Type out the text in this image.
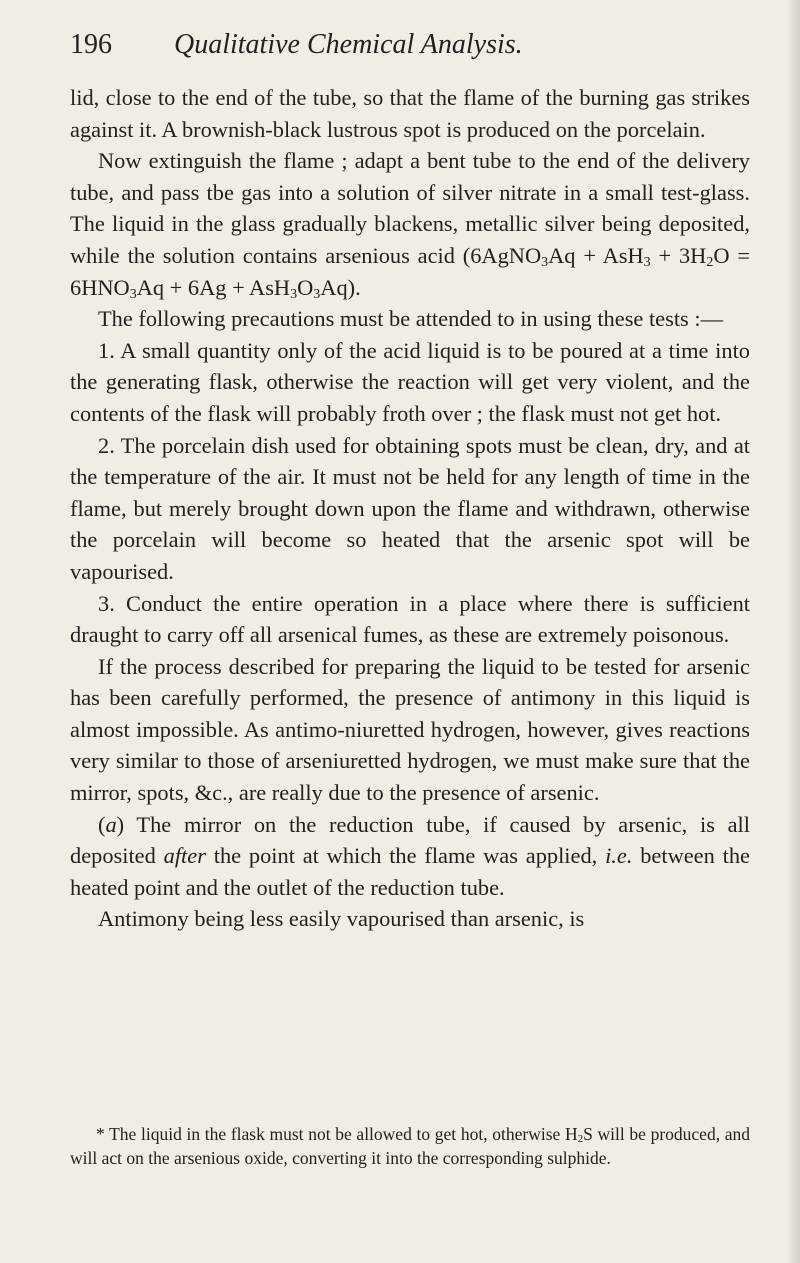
196 Qualitative Chemical Analysis.

lid, close to the end of the tube, so that the flame of the burning gas strikes against it. A brownish-black lustrous spot is produced on the porcelain.

Now extinguish the flame ; adapt a bent tube to the end of the delivery tube, and pass tbe gas into a solution of silver nitrate in a small test-glass. The liquid in the glass gradually blackens, metallic silver being deposited, while the solution contains arsenious acid (6AgNO$_3$Aq + $AsH_3 + 3H_2O = 6HNO_3Aq + 6Ag + AsH_3O_3Aq$).

The following precautions must be attended to in using these tests :—

1. A small quantity only of the acid liquid is to be poured at a time into the generating flask, otherwise the reaction will get very violent, and the contents of the flask will probably froth over ; the flask must not get hot.

2. The porcelain dish used for obtaining spots must be clean, dry, and at the temperature of the air. It must not be held for any length of time in the flame, but merely brought down upon the flame and withdrawn, otherwise the porcelain will become so heated that the arsenic spot will be vapourised.

3. Conduct the entire operation in a place where there is sufficient draught to carry off all arsenical fumes, as these are extremely poisonous.

If the process described for preparing the liquid to be tested for arsenic has been carefully performed, the presence of antimony in this liquid is almost impossible. As antimo-niuretted hydrogen, however, gives reactions very similar to those of arseniuretted hydrogen, we must make sure that the mirror, spots, &c., are really due to the presence of arsenic.

(a) The mirror on the reduction tube, if caused by arsenic, is all deposited after the point at which the flame was applied, i.e. between the heated point and the outlet of the reduction tube.

Antimony being less easily vapourised than arsenic, is

* The liquid in the flask must not be allowed to get hot, otherwise $H_2S$ will be produced, and will act on the arsenious oxide, converting it into the corresponding sulphide.
